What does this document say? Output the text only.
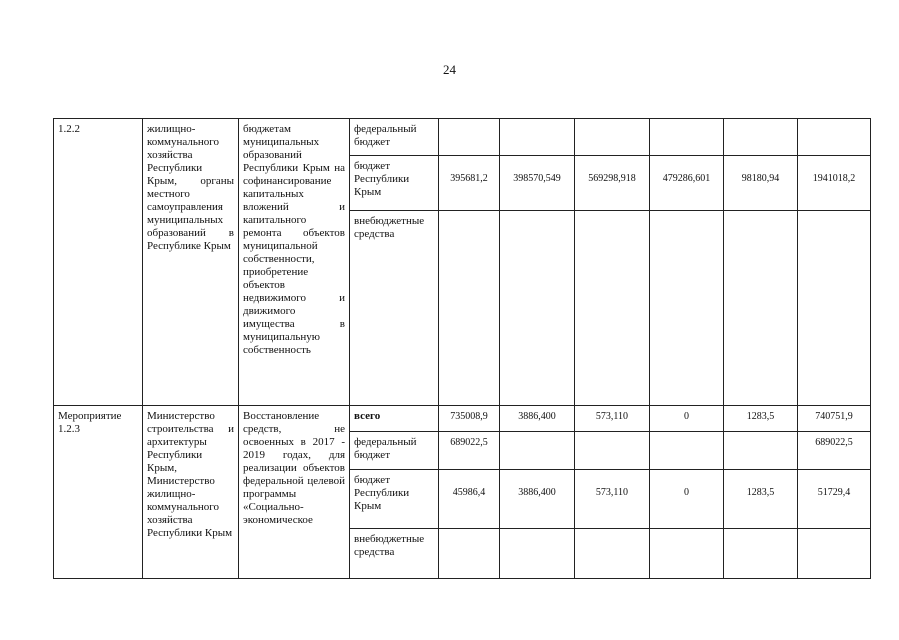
24
1.2.2	жилищно-коммунального хозяйства Республики Крым, органы местного самоуправления муниципальных образований в Республике Крым	бюджетам муниципальных образований Республики Крым на софинансирование капитальных вложений и капитального ремонта объектов муниципальной собственности, приобретение объектов недвижимого и движимого имущества в муниципальную собственность	федеральный бюджет						
			бюджет Республики Крым	395681,2	398570,549	569298,918	479286,601	98180,94	1941018,2
			внебюджетные средства						
Мероприятие 1.2.3	Министерство строительства и архитектуры Республики Крым, Министерство жилищно-коммунального хозяйства Республики Крым	Восстановление средств, не освоенных в 2017 - 2019 годах, для реализации объектов федеральной целевой программы «Социально-экономическое	всего	735008,9	3886,400	573,110	0	1283,5	740751,9
			федеральный бюджет	689022,5					689022,5
			бюджет Республики Крым	45986,4	3886,400	573,110	0	1283,5	51729,4
			внебюджетные средства						
